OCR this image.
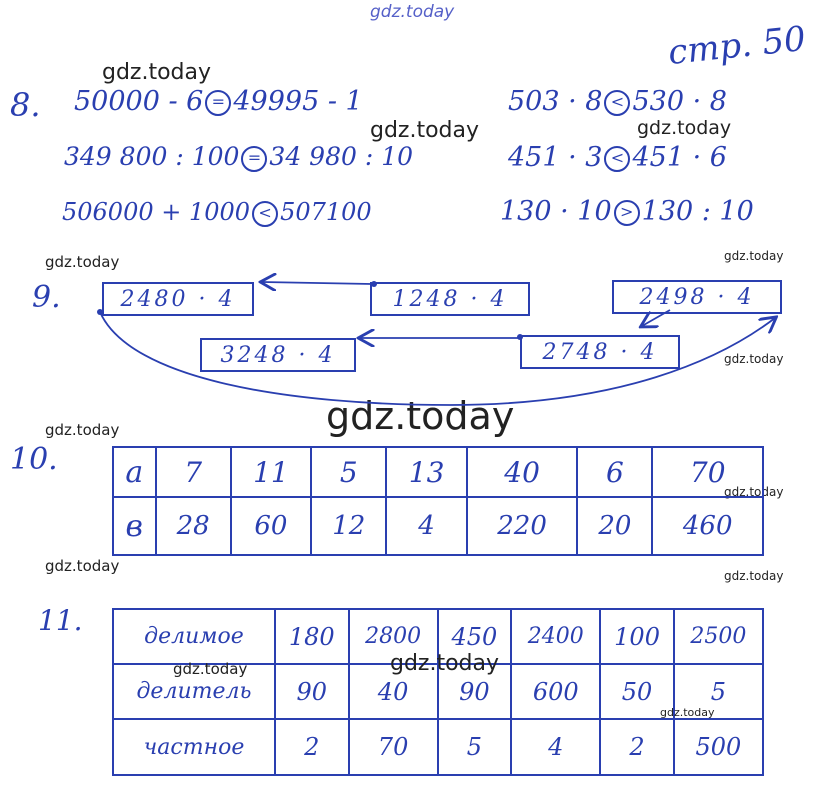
gdz.today
gdz.today
gdz.today	gdz.today
gdz.today	gdz.today
gdz.today
gdz.today
gdz.today
gdz.today
gdz.today
gdz.today
gdz.today	gdz.today
gdz.today
стр. 50
8. 50000 - 6 = 49995 - 1	503 · 8 < 530 · 8
349 800 : 100 = 34 980 : 10	451 · 3 < 451 · 6
506000 + 1000 < 507100	130 · 10 > 130 : 10
9.	2480 · 4	1248 · 4	2498 · 4
3248 · 4	2748 · 4
10. a	7	11	5	13	40	6	70
в	28	60	12	4	220	20	460
11.	делимое	180	2800	450	2400	100	2500
делитель	90	40	90	600	50	5
частное	2	70	5	4	2	500
